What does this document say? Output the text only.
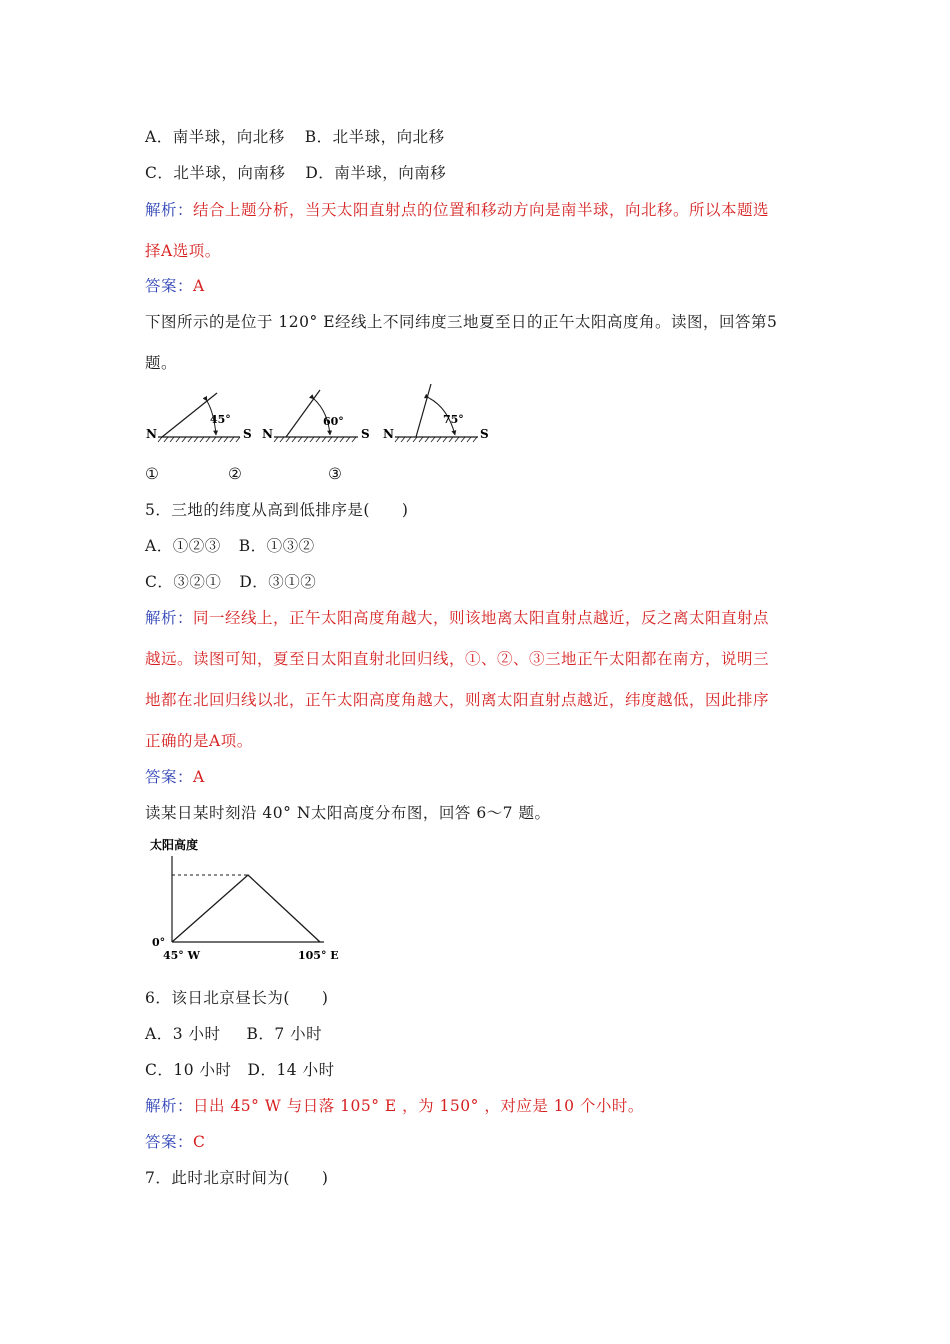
A．南半球，向北移 B．北半球，向北移
C．北半球，向南移 D．南半球，向南移
解析：结合上题分析，当天太阳直射点的位置和移动方向是南半球，向北移。所以本题选
择A选项。
答案：A
下图所示的是位于 120° E经线上不同纬度三地夏至日的正午太阳高度角。读图，回答第5
题。
N
45°
S N
60°
S N
75°
S
①	②	③
5．三地的纬度从高到低排序是(　　)
A．①②③ B．①③②
C．③②① D．③①②
解析：同一经线上，正午太阳高度角越大，则该地离太阳直射点越近，反之离太阳直射点
越远。读图可知，夏至日太阳直射北回归线，①、②、③三地正午太阳都在南方，说明三
地都在北回归线以北，正午太阳高度角越大，则离太阳直射点越近，纬度越低，因此排序
正确的是A项。
答案：A
读某日某时刻沿 40° N太阳高度分布图，回答 6～7 题。
太阳高度
0°
45° W	105° E
6．该日北京昼长为(　　)
A．3 小时 B．7 小时
C．10 小时 D．14 小时
解析：日出 45° W 与日落 105° E ，为 150° ，对应是 10 个小时。
答案：C
7．此时北京时间为(　　)
